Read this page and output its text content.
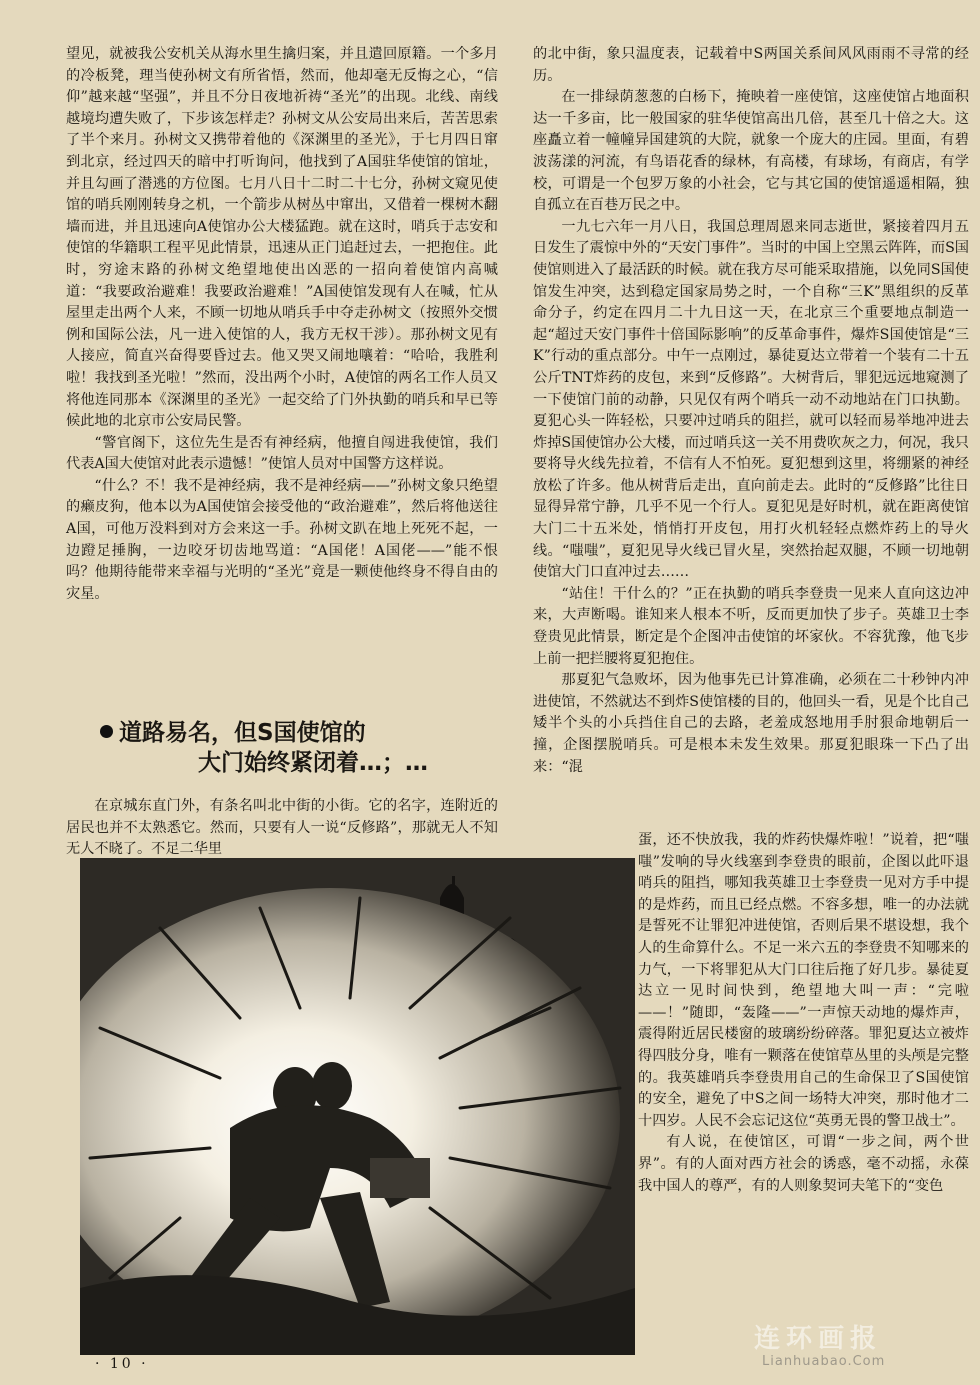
望见，就被我公安机关从海水里生擒归案，并且遣回原籍。一个多月的冷板凳，理当使孙树文有所省悟，然而，他却毫无反悔之心，“信仰”越来越“坚强”，并且不分日夜地祈祷“圣光”的出现。北线、南线越境均遭失败了，下步该怎样走？孙树文从公安局出来后，苦苦思索了半个来月。孙树文又携带着他的《深渊里的圣光》，于七月四日窜到北京，经过四天的暗中打听询问，他找到了A国驻华使馆的馆址，并且勾画了潜逃的方位图。七月八日十二时二十七分，孙树文窥见使馆的哨兵刚刚转身之机，一个箭步从树丛中窜出，又借着一棵树木翻墙而进，并且迅速向A使馆办公大楼猛跑。就在这时，哨兵于志安和使馆的华籍职工程平见此情景，迅速从正门追赶过去，一把抱住。此时，穷途末路的孙树文绝望地使出凶恶的一招向着使馆内高喊道：“我要政治避难！我要政治避难！”A国使馆发现有人在喊，忙从屋里走出两个人来，不顾一切地从哨兵手中夺走孙树文（按照外交惯例和国际公法，凡一进入使馆的人，我方无权干涉）。那孙树文见有人接应，简直兴奋得要昏过去。他又哭又闹地嚷着：“哈哈，我胜利啦！我找到圣光啦！”然而，没出两个小时，A使馆的两名工作人员又将他连同那本《深渊里的圣光》一起交给了门外执勤的哨兵和早已等候此地的北京市公安局民警。

“警官阁下，这位先生是否有神经病，他擅自闯进我使馆，我们代表A国大使馆对此表示遗憾！”使馆人员对中国警方这样说。

“什么？不！我不是神经病，我不是神经病——”孙树文象只绝望的癞皮狗，他本以为A国使馆会接受他的“政治避难”，然后将他送往A国，可他万没料到对方会来这一手。孙树文趴在地上死死不起，一边蹬足捶胸，一边咬牙切齿地骂道：“A国佬！A国佬——”能不恨吗？他期待能带来幸福与光明的“圣光”竟是一颗使他终身不得自由的灾星。

道路易名，但S国使馆的
大门始终紧闭着…；…

在京城东直门外，有条名叫北中街的小街。它的名字，连附近的居民也并不太熟悉它。然而，只要有人一说“反修路”，那就无人不知无人不晓了。不足二华里

的北中街，象只温度表，记载着中S两国关系间风风雨雨不寻常的经历。

在一排绿荫葱葱的白杨下，掩映着一座使馆，这座使馆占地面积达一千多亩，比一般国家的驻华使馆高出几倍，甚至几十倍之大。这座矗立着一幢幢异国建筑的大院，就象一个庞大的庄园。里面，有碧波荡漾的河流，有鸟语花香的绿林，有高楼，有球场，有商店，有学校，可谓是一个包罗万象的小社会，它与其它国的使馆遥遥相隔，独自孤立在百巷万民之中。

一九七六年一月八日，我国总理周恩来同志逝世，紧接着四月五日发生了震惊中外的“天安门事件”。当时的中国上空黑云阵阵，而S国使馆则进入了最活跃的时候。就在我方尽可能采取措施，以免同S国使馆发生冲突，达到稳定国家局势之时，一个自称“三K”黑组织的反革命分子，约定在四月二十九日这一天，在北京三个重要地点制造一起“超过天安门事件十倍国际影响”的反革命事件，爆炸S国使馆是“三K”行动的重点部分。中午一点刚过，暴徒夏达立带着一个装有二十五公斤TNT炸药的皮包，来到“反修路”。大树背后，罪犯远远地窥测了一下使馆门前的动静，只见仅有两个哨兵一动不动地站在门口执勤。夏犯心头一阵轻松，只要冲过哨兵的阻拦，就可以轻而易举地冲进去炸掉S国使馆办公大楼，而过哨兵这一关不用费吹灰之力，何况，我只要将导火线先拉着，不信有人不怕死。夏犯想到这里，将绷紧的神经放松了许多。他从树背后走出，直向前走去。此时的“反修路”比往日显得异常宁静，几乎不见一个行人。夏犯见是好时机，就在距离使馆大门二十五米处，悄悄打开皮包，用打火机轻轻点燃炸药上的导火线。“嗤嗤”，夏犯见导火线已冒火星，突然抬起双腿，不顾一切地朝使馆大门口直冲过去……

“站住！干什么的？”正在执勤的哨兵李登贵一见来人直向这边冲来，大声断喝。谁知来人根本不听，反而更加快了步子。英雄卫士李登贵见此情景，断定是个企图冲击使馆的坏家伙。不容犹豫，他飞步上前一把拦腰将夏犯抱住。

那夏犯气急败坏，因为他事先已计算准确，必须在二十秒钟内冲进使馆，不然就达不到炸S使馆楼的目的，他回头一看，见是个比自己矮半个头的小兵挡住自己的去路，老羞成怒地用手肘狠命地朝后一撞，企图摆脱哨兵。可是根本未发生效果。那夏犯眼珠一下凸了出来：“混

蛋，还不快放我，我的炸药快爆炸啦！”说着，把“嗤嗤”发响的导火线塞到李登贵的眼前，企图以此吓退哨兵的阻挡，哪知我英雄卫士李登贵一见对方手中提的是炸药，而且已经点燃。不容多想，唯一的办法就是誓死不让罪犯冲进使馆，否则后果不堪设想，我个人的生命算什么。不足一米六五的李登贵不知哪来的力气，一下将罪犯从大门口往后拖了好几步。暴徒夏达立一见时间快到，绝望地大叫一声：“完啦——！”随即，“轰隆——”一声惊天动地的爆炸声，震得附近居民楼窗的玻璃纷纷碎落。罪犯夏达立被炸得四肢分身，唯有一颗落在使馆草丛里的头颅是完整的。我英雄哨兵李登贵用自己的生命保卫了S国使馆的安全，避免了中S之间一场特大冲突，那时他才二十四岁。人民不会忘记这位“英勇无畏的警卫战士”。

有人说，在使馆区，可谓“一步之间，两个世界”。有的人面对西方社会的诱惑，毫不动摇，永葆我中国人的尊严，有的人则象契诃夫笔下的“变色

· 10 ·
连环画报
Lianhuabao.Com
